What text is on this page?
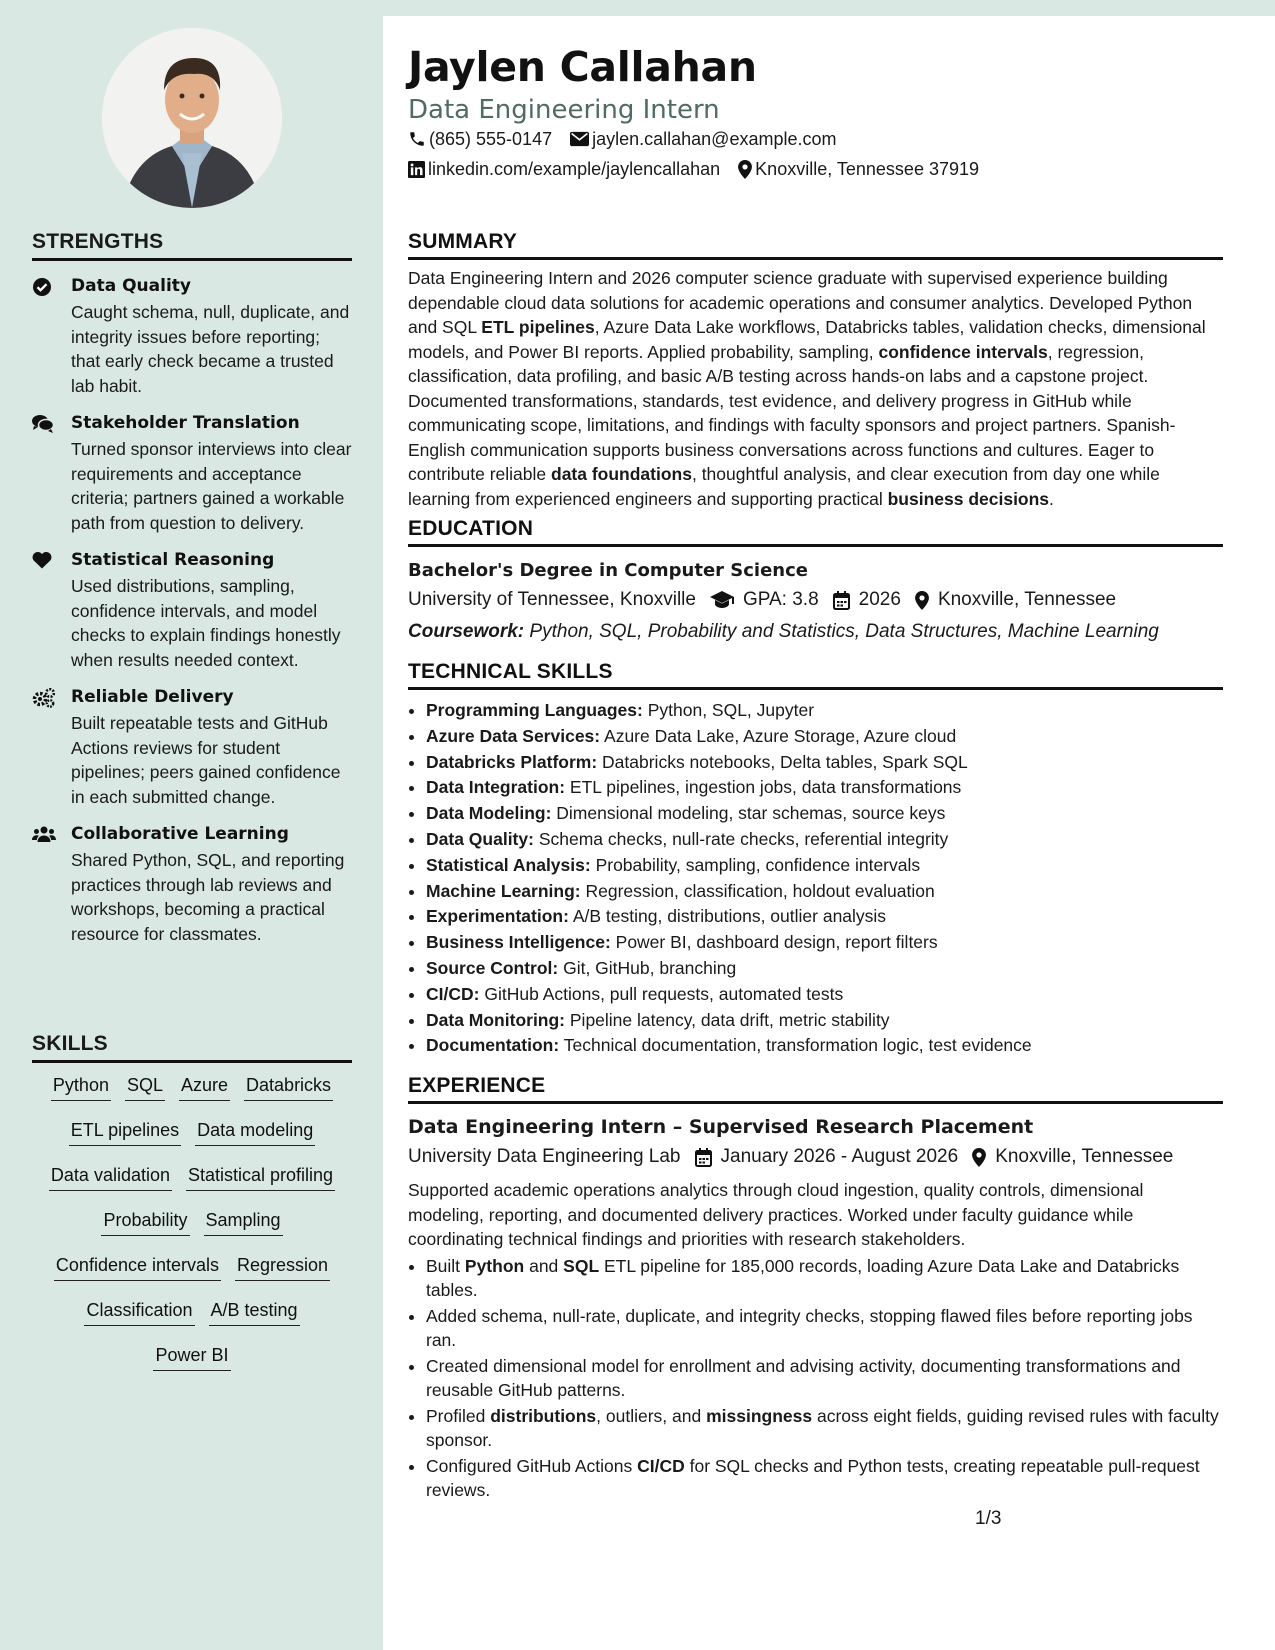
STRENGTHS
Data Quality
Caught schema, null, duplicate, and integrity issues before reporting; that early check became a trusted lab habit.
Stakeholder Translation
Turned sponsor interviews into clear requirements and acceptance criteria; partners gained a workable path from question to delivery.
Statistical Reasoning
Used distributions, sampling, confidence intervals, and model checks to explain findings honestly when results needed context.
Reliable Delivery
Built repeatable tests and GitHub Actions reviews for student pipelines; peers gained confidence in each submitted change.
Collaborative Learning
Shared Python, SQL, and reporting practices through lab reviews and workshops, becoming a practical resource for classmates.
SKILLS
Python SQL Azure Databricks
ETL pipelines Data modeling
Data validation Statistical profiling
Probability Sampling
Confidence intervals Regression
Classification A/B testing
Power BI
Jaylen Callahan

Data Engineering Intern

(865) 555-0147 jaylen.callahan@example.com
linkedin.com/example/jaylencallahan Knoxville, Tennessee 37919
SUMMARY

Data Engineering Intern and 2026 computer science graduate with supervised experience building dependable cloud data solutions for academic operations and consumer analytics. Developed Python and SQL ETL pipelines, Azure Data Lake workflows, Databricks tables, validation checks, dimensional models, and Power BI reports. Applied probability, sampling, confidence intervals, regression, classification, data profiling, and basic A/B testing across hands-on labs and a capstone project. Documented transformations, standards, test evidence, and delivery progress in GitHub while communicating scope, limitations, and findings with faculty sponsors and project partners. Spanish-English communication supports business conversations across functions and cultures. Eager to contribute reliable data foundations, thoughtful analysis, and clear execution from day one while learning from experienced engineers and supporting practical business decisions.

EDUCATION

Bachelor's Degree in Computer Science

University of Tennessee, Knoxville GPA: 3.8 2026 Knoxville, Tennessee
Coursework: Python, SQL, Probability and Statistics, Data Structures, Machine Learning
TECHNICAL SKILLS
• Programming Languages: Python, SQL, Jupyter
• Azure Data Services: Azure Data Lake, Azure Storage, Azure cloud
• Databricks Platform: Databricks notebooks, Delta tables, Spark SQL
• Data Integration: ETL pipelines, ingestion jobs, data transformations
• Data Modeling: Dimensional modeling, star schemas, source keys
• Data Quality: Schema checks, null-rate checks, referential integrity
• Statistical Analysis: Probability, sampling, confidence intervals
• Machine Learning: Regression, classification, holdout evaluation
• Experimentation: A/B testing, distributions, outlier analysis
• Business Intelligence: Power BI, dashboard design, report filters
• Source Control: Git, GitHub, branching
• CI/CD: GitHub Actions, pull requests, automated tests
• Data Monitoring: Pipeline latency, data drift, metric stability
• Documentation: Technical documentation, transformation logic, test evidence
EXPERIENCE

Data Engineering Intern – Supervised Research Placement

University Data Engineering Lab January 2026 - August 2026 Knoxville, Tennessee
Supported academic operations analytics through cloud ingestion, quality controls, dimensional modeling, reporting, and documented delivery practices. Worked under faculty guidance while coordinating technical findings and priorities with research stakeholders.
• Built Python and SQL ETL pipeline for 185,000 records, loading Azure Data Lake and Databricks tables.
• Added schema, null-rate, duplicate, and integrity checks, stopping flawed files before reporting jobs ran.
• Created dimensional model for enrollment and advising activity, documenting transformations and reusable GitHub patterns.
• Profiled distributions, outliers, and missingness across eight fields, guiding revised rules with faculty sponsor.
• Configured GitHub Actions CI/CD for SQL checks and Python tests, creating repeatable pull-request reviews.
1/3
